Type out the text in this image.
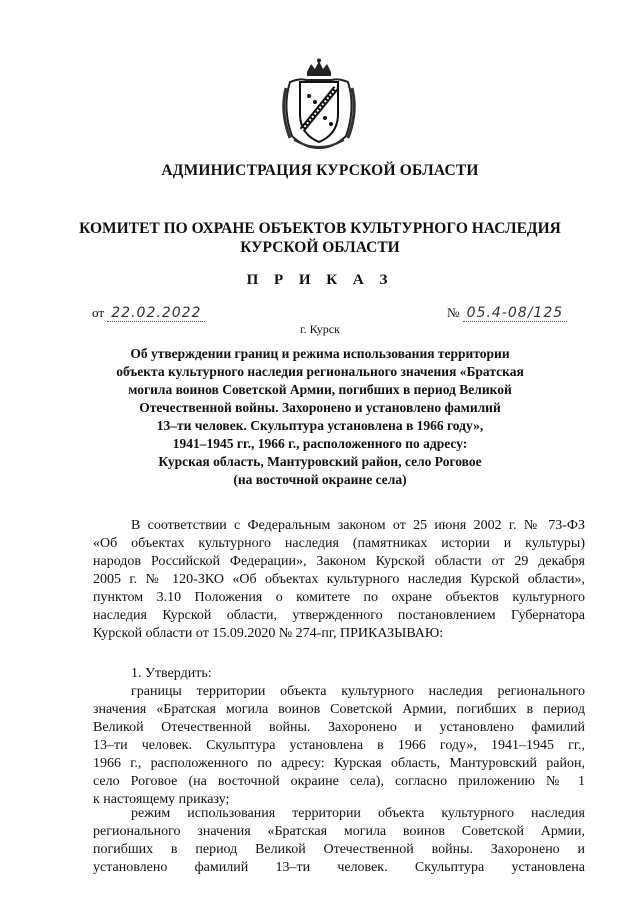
АДМИНИСТРАЦИЯ КУРСКОЙ ОБЛАСТИ
КОМИТЕТ ПО ОХРАНЕ ОБЪЕКТОВ КУЛЬТУРНОГО НАСЛЕДИЯ
КУРСКОЙ ОБЛАСТИ
П Р И К А З
от 22.02.2022	№ 05.4-08/125
г. Курск
Об утверждении границ и режима использования территории
объекта культурного наследия регионального значения «Братская
могила воинов Советской Армии, погибших в период Великой
Отечественной войны. Захоронено и установлено фамилий
13–ти человек. Скульптура установлена в 1966 году»,
1941–1945 гг., 1966 г., расположенного по адресу:
Курская область, Мантуровский район, село Роговое
(на восточной окраине села)
В соответствии с Федеральным законом от 25 июня 2002 г. № 73-ФЗ
«Об объектах культурного наследия (памятниках истории и культуры)
народов Российской Федерации», Законом Курской области от 29 декабря
2005 г. № 120-ЗКО «Об объектах культурного наследия Курской области»,
пунктом 3.10 Положения о комитете по охране объектов культурного
наследия Курской области, утвержденного постановлением Губернатора
Курской области от 15.09.2020 № 274-пг, ПРИКАЗЫВАЮ:
1. Утвердить:
границы территории объекта культурного наследия регионального
значения «Братская могила воинов Советской Армии, погибших в период
Великой Отечественной войны. Захоронено и установлено фамилий
13–ти человек. Скульптура установлена в 1966 году», 1941–1945 гг.,
1966 г., расположенного по адресу: Курская область, Мантуровский район,
село Роговое (на восточной окраине села), согласно приложению № 1
к настоящему приказу;
режим использования территории объекта культурного наследия
регионального значения «Братская могила воинов Советской Армии,
погибших в период Великой Отечественной войны. Захоронено и
установлено фамилий 13–ти человек. Скульптура установлена
